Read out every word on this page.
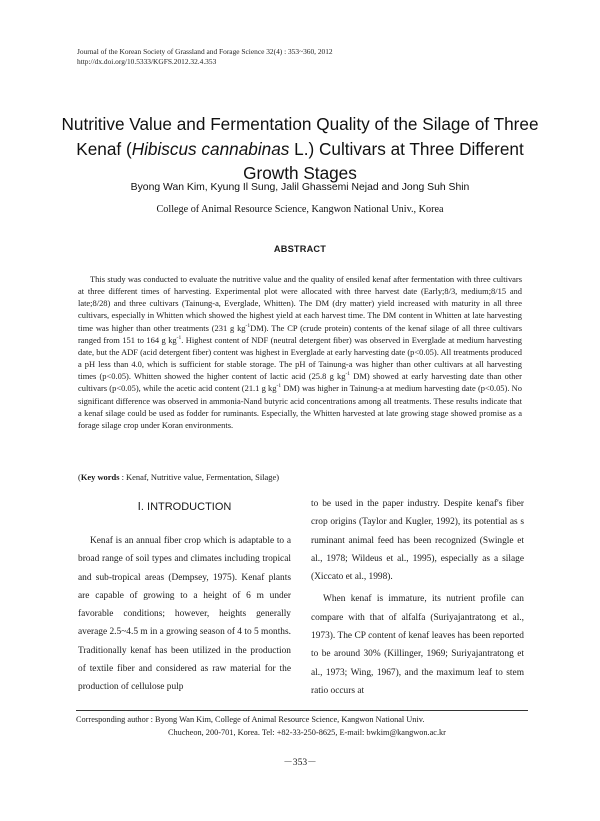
Journal of the Korean Society of Grassland and Forage Science 32(4) : 353~360, 2012
http://dx.doi.org/10.5333/KGFS.2012.32.4.353
Nutritive Value and Fermentation Quality of the Silage of Three Kenaf (Hibiscus cannabinas L.) Cultivars at Three Different Growth Stages
Byong Wan Kim, Kyung Il Sung, Jalil Ghassemi Nejad and Jong Suh Shin
College of Animal Resource Science, Kangwon National Univ., Korea
ABSTRACT

This study was conducted to evaluate the nutritive value and the quality of ensiled kenaf after fermentation with three cultivars at three different times of harvesting. Experimental plot were allocated with three harvest date (Early;8/3, medium;8/15 and late;8/28) and three cultivars (Tainung-a, Everglade, Whitten). The DM (dry matter) yield increased with maturity in all three cultivars, especially in Whitten which showed the highest yield at each harvest time. The DM content in Whitten at late harvesting time was higher than other treatments (231 g $kg^{-1}DM$). The CP (crude protein) contents of the kenaf silage of all three cultivars ranged from 151 to 164 g $kg^{-1}$. Highest content of NDF (neutral detergent fiber) was observed in Everglade at medium harvesting date, but the ADF (acid detergent fiber) content was highest in Everglade at early harvesting date (p<0.05). All treatments produced a pH less than 4.0, which is sufficient for stable storage. The pH of Tainung-a was higher than other cultivars at all harvesting times (p<0.05). Whitten showed the higher content of lactic acid (25.8 g $kg^{-1}$ DM) showed at early harvesting date than other cultivars (p<0.05), while the acetic acid content (21.1 g $kg^{-1}$ DM) was higher in Tainung-a at medium harvesting date (p<0.05). No significant difference was observed in ammonia-Nand butyric acid concentrations among all treatments. These results indicate that a kenaf silage could be used as fodder for ruminants. Especially, the Whitten harvested at late growing stage showed promise as a forage silage crop under Koran environments.

(Key words : Kenaf, Nutritive value, Fermentation, Silage)
Ⅰ. INTRODUCTION

Kenaf is an annual fiber crop which is adaptable to a broad range of soil types and climates including tropical and sub-tropical areas (Dempsey, 1975). Kenaf plants are capable of growing to a height of 6 m under favorable conditions; however, heights generally average 2.5~4.5 m in a growing season of 4 to 5 months. Traditionally kenaf has been utilized in the production of textile fiber and considered as raw material for the production of cellulose pulp

to be used in the paper industry. Despite kenaf's fiber crop origins (Taylor and Kugler, 1992), its potential as s ruminant animal feed has been recognized (Swingle et al., 1978; Wildeus et al., 1995), especially as a silage (Xiccato et al., 1998).

When kenaf is immature, its nutrient profile can compare with that of alfalfa (Suriyajantratong et al., 1973). The CP content of kenaf leaves has been reported to be around 30% (Killinger, 1969; Suriyajantratong et al., 1973; Wing, 1967), and the maximum leaf to stem ratio occurs at

Corresponding author : Byong Wan Kim, College of Animal Resource Science, Kangwon National Univ.
Chucheon, 200-701, Korea. Tel: +82-33-250-8625, E-mail: bwkim@kangwon.ac.kr
－353－
